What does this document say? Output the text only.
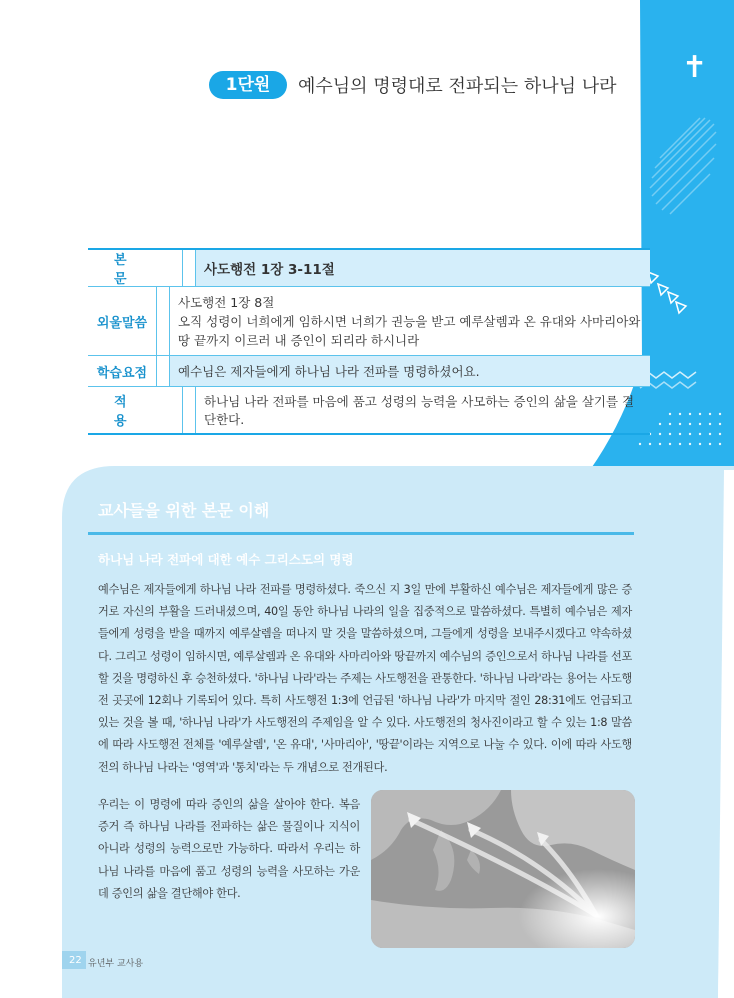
✝
1단원	예수님의 명령대로 전파되는 하나님 나라
본문
사도행전 1장 3-11절
외울말씀
사도행전 1장 8절
오직 성령이 너희에게 임하시면 너희가 권능을 받고 예루살렘과 온 유대와 사마리아와
땅 끝까지 이르러 내 증인이 되리라 하시니라
학습요점	예수님은 제자들에게 하나님 나라 전파를 명령하셨어요.
적용
하나님 나라 전파를 마음에 품고 성령의 능력을 사모하는 증인의 삶을 살기를 결단한다.
교사들을 위한 본문 이해
하나님 나라 전파에 대한 예수 그리스도의 명령
예수님은 제자들에게 하나님 나라 전파를 명령하셨다. 죽으신 지 3일 만에 부활하신 예수님은 제자들에게 많은 증거로 자신의 부활을 드러내셨으며, 40일 동안 하나님 나라의 일을 집중적으로 말씀하셨다. 특별히 예수님은 제자들에게 성령을 받을 때까지 예루살렘을 떠나지 말 것을 말씀하셨으며, 그들에게 성령을 보내주시겠다고 약속하셨다. 그리고 성령이 임하시면, 예루살렘과 온 유대와 사마리아와 땅끝까지 예수님의 증인으로서 하나님 나라를 선포할 것을 명령하신 후 승천하셨다. '하나님 나라'라는 주제는 사도행전을 관통한다. '하나님 나라'라는 용어는 사도행전 곳곳에 12회나 기록되어 있다. 특히 사도행전 1:3에 언급된 '하나님 나라'가 마지막 절인 28:31에도 언급되고 있는 것을 볼 때, '하나님 나라'가 사도행전의 주제임을 알 수 있다. 사도행전의 청사진이라고 할 수 있는 1:8 말씀에 따라 사도행전 전체를 '예루살렘', '온 유대', '사마리아', '땅끝'이라는 지역으로 나눌 수 있다. 이에 따라 사도행전의 하나님 나라는 '영역'과 '통치'라는 두 개념으로 전개된다.
우리는 이 명령에 따라 증인의 삶을 살아야 한다. 복음 증거 즉 하나님 나라를 전파하는 삶은 물질이나 지식이 아니라 성령의 능력으로만 가능하다. 따라서 우리는 하나님 나라를 마음에 품고 성령의 능력을 사모하는 가운데 증인의 삶을 결단해야 한다.
22 유년부 교사용
